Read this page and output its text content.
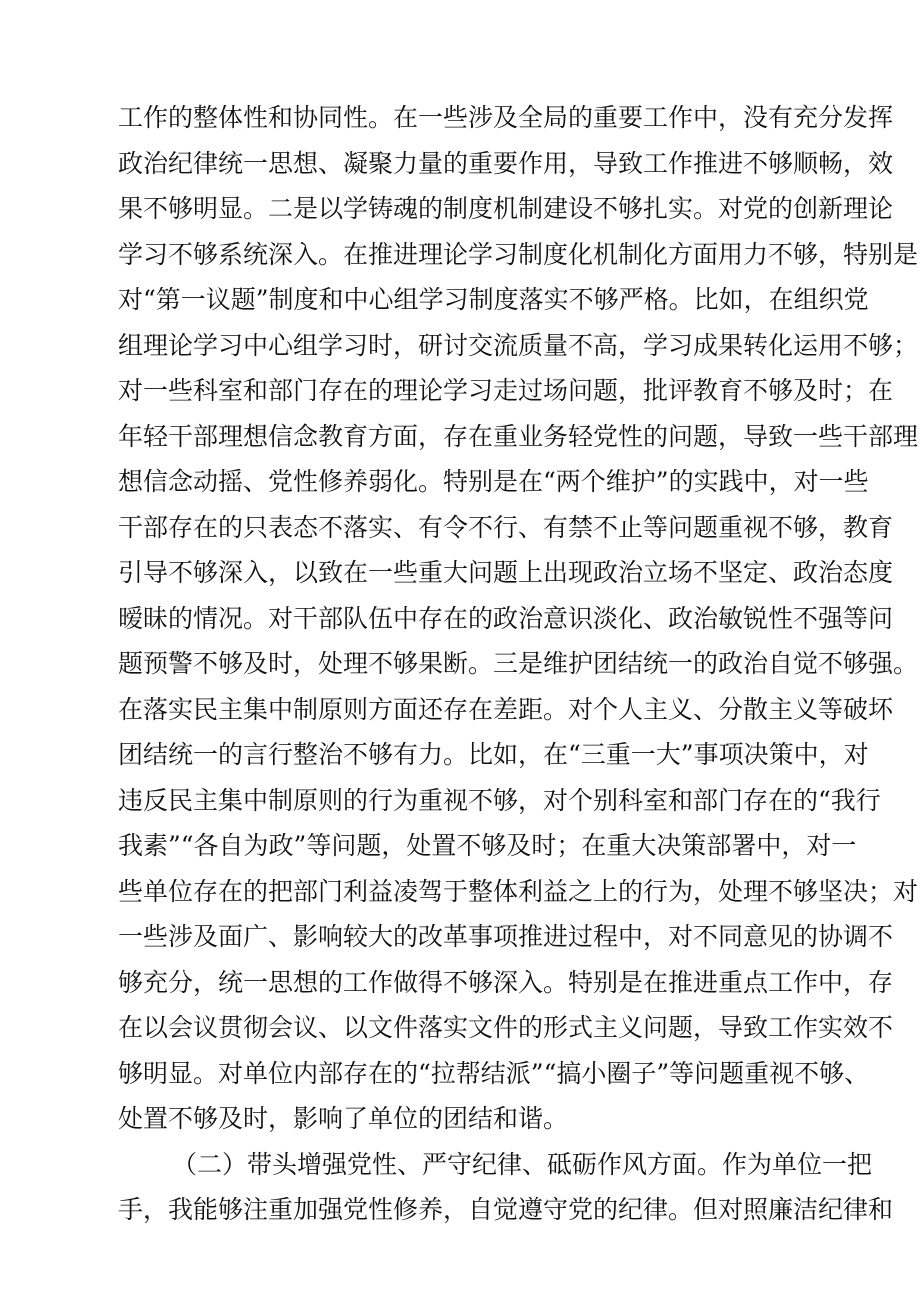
工作的整体性和协同性。在一些涉及全局的重要工作中，没有充分发挥
政治纪律统一思想、凝聚力量的重要作用，导致工作推进不够顺畅，效
果不够明显。二是以学铸魂的制度机制建设不够扎实。对党的创新理论
学习不够系统深入。在推进理论学习制度化机制化方面用力不够，特别是
对“第一议题”制度和中心组学习制度落实不够严格。比如，在组织党
组理论学习中心组学习时，研讨交流质量不高，学习成果转化运用不够；
对一些科室和部门存在的理论学习走过场问题，批评教育不够及时；在
年轻干部理想信念教育方面，存在重业务轻党性的问题，导致一些干部理
想信念动摇、党性修养弱化。特别是在“两个维护”的实践中，对一些
干部存在的只表态不落实、有令不行、有禁不止等问题重视不够，教育
引导不够深入，以致在一些重大问题上出现政治立场不坚定、政治态度
暧昧的情况。对干部队伍中存在的政治意识淡化、政治敏锐性不强等问
题预警不够及时，处理不够果断。三是维护团结统一的政治自觉不够强。
在落实民主集中制原则方面还存在差距。对个人主义、分散主义等破坏
团结统一的言行整治不够有力。比如，在“三重一大”事项决策中，对
违反民主集中制原则的行为重视不够，对个别科室和部门存在的“我行
我素”“各自为政”等问题，处置不够及时；在重大决策部署中，对一
些单位存在的把部门利益凌驾于整体利益之上的行为，处理不够坚决；对
一些涉及面广、影响较大的改革事项推进过程中，对不同意见的协调不
够充分，统一思想的工作做得不够深入。特别是在推进重点工作中，存
在以会议贯彻会议、以文件落实文件的形式主义问题，导致工作实效不
够明显。对单位内部存在的“拉帮结派”“搞小圈子”等问题重视不够、
处置不够及时，影响了单位的团结和谐。
（二）带头增强党性、严守纪律、砥砺作风方面。作为单位一把
手，我能够注重加强党性修养，自觉遵守党的纪律。但对照廉洁纪律和
